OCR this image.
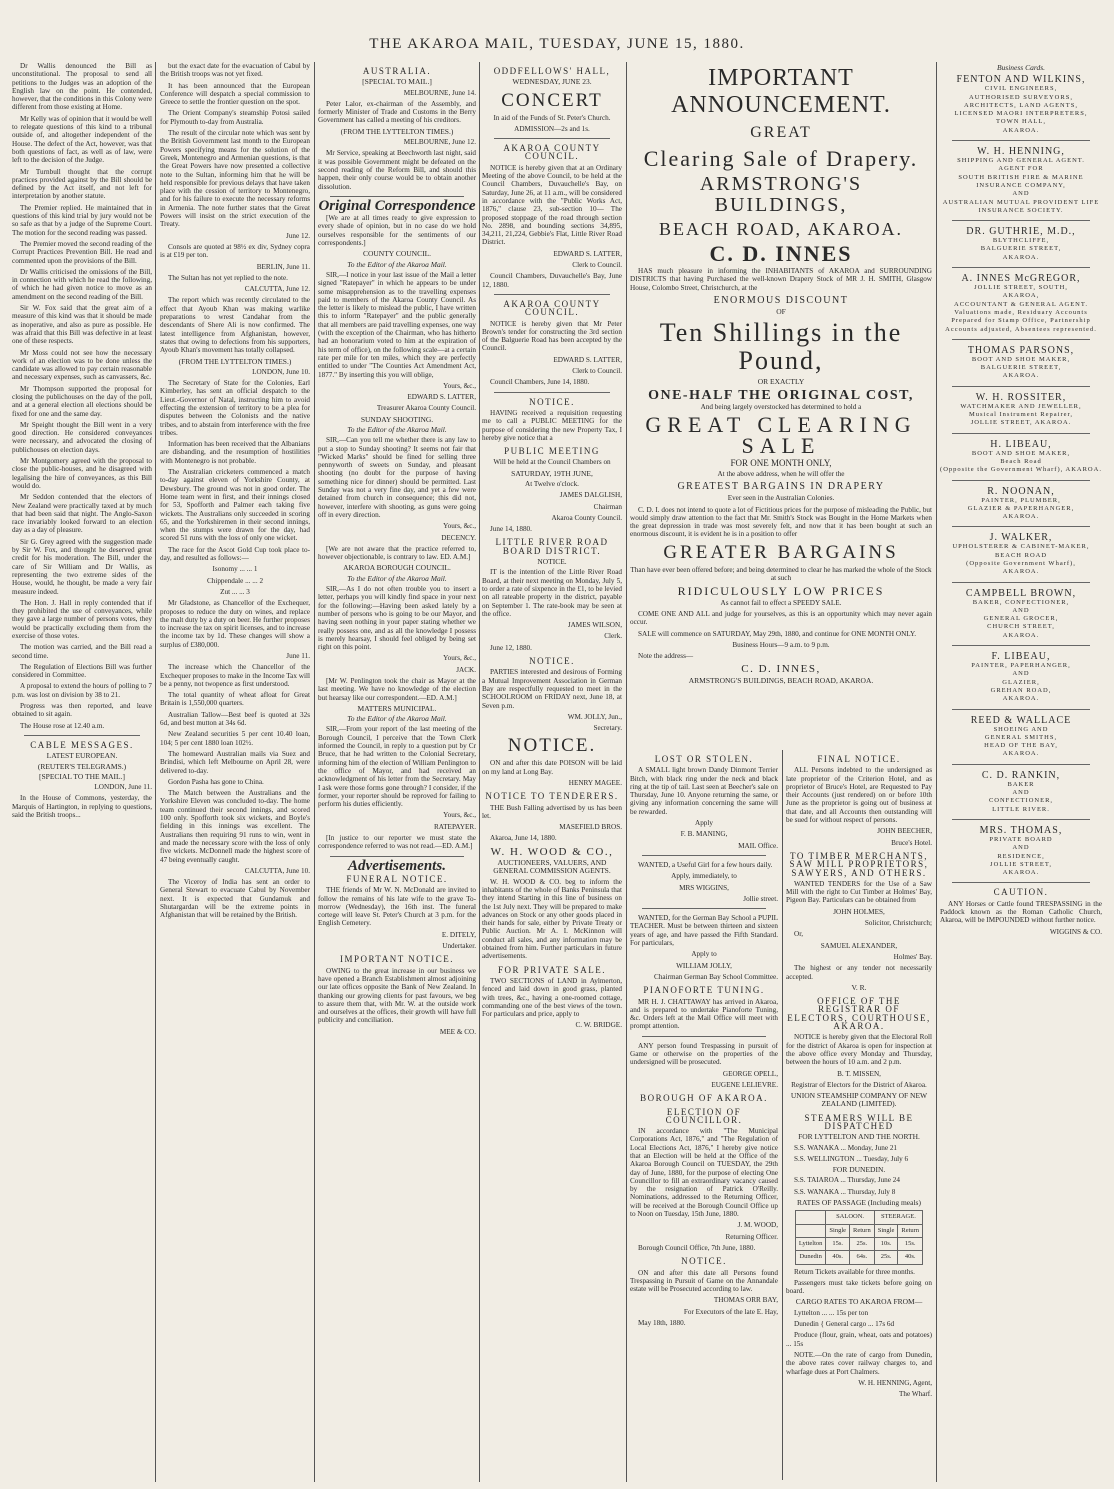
THE AKAROA MAIL, TUESDAY, JUNE 15, 1880.

Dr Wallis denounced the Bill as unconstitutional. The proposal to send all petitions to the Judges was an adoption of the English law on the point. He contended, however, that the conditions in this Colony were different from those existing at Home.

Mr Kelly was of opinion that it would be well to relegate questions of this kind to a tribunal outside of, and altogether independent of the House. The defect of the Act, however, was that both questions of fact, as well as of law, were left to the decision of the Judge.

Mr Turnbull thought that the corrupt practices provided against by the Bill should be defined by the Act itself, and not left for interpretation by another statute.

The Premier replied. He maintained that in questions of this kind trial by jury would not be so safe as that by a judge of the Supreme Court. The motion for the second reading was passed.

The Premier moved the second reading of the Corrupt Practices Prevention Bill. He read and commented upon the provisions of the Bill.

Dr Wallis criticised the omissions of the Bill, in connection with which he read the following, of which he had given notice to move as an amendment on the second reading of the Bill.

Sir W. Fox said that the great aim of a measure of this kind was that it should be made as inoperative, and also as pure as possible. He was afraid that this Bill was defective in at least one of these respects.

Mr Moss could not see how the necessary work of an election was to be done unless the candidate was allowed to pay certain reasonable and necessary expenses, such as canvassers, &c.

Mr Thompson supported the proposal for closing the publichouses on the day of the poll, and at a general election all elections should be fixed for one and the same day.

Mr Speight thought the Bill went in a very good direction. He considered conveyances were necessary, and advocated the closing of publichouses on election days.

Mr Montgomery agreed with the proposal to close the public-houses, and he disagreed with legalising the hire of conveyances, as this Bill would do.

Mr Seddon contended that the electors of New Zealand were practically taxed at by much that had been said that night. The Anglo-Saxon race invariably looked forward to an election day as a day of pleasure.

Sir G. Grey agreed with the suggestion made by Sir W. Fox, and thought he deserved great credit for his moderation. The Bill, under the care of Sir William and Dr Wallis, as representing the two extreme sides of the House, would, he thought, be made a very fair measure indeed.

The Hon. J. Hall in reply contended that if they prohibited the use of conveyances, while they gave a large number of persons votes, they would be practically excluding them from the exercise of those votes.

The motion was carried, and the Bill read a second time.

The Regulation of Elections Bill was further considered in Committee.

A proposal to extend the hours of polling to 7 p.m. was lost on division by 38 to 21.

Progress was then reported, and leave obtained to sit again.

The House rose at 12.40 a.m.

CABLE MESSAGES.
LATEST EUROPEAN.
(REUTER'S TELEGRAMS.)
[SPECIAL TO THE MAIL.]

LONDON, June 11.

In the House of Commons, yesterday, the Marquis of Hartington, in replying to questions, said the British troops...

but the exact date for the evacuation of Cabul by the British troops was not yet fixed.

It has been announced that the European Conference will despatch a special commission to Greece to settle the frontier question on the spot.

The Orient Company's steamship Potosi sailed for Plymouth to-day from Australia.

The result of the circular note which was sent by the British Government last month to the European Powers specifying means for the solution of the Greek, Montenegro and Armenian questions, is that the Great Powers have now presented a collective note to the Sultan, informing him that he will be held responsible for previous delays that have taken place with the cession of territory to Montenegro, and for his failure to execute the necessary reforms in Armenia. The note further states that the Great Powers will insist on the strict execution of the Treaty.

June 12.

Consols are quoted at 98½ ex div, Sydney copra is at £19 per ton.

BERLIN, June 11.

The Sultan has not yet replied to the note.

CALCUTTA, June 12.

The report which was recently circulated to the effect that Ayoub Khan was making warlike preparations to wrest Candahar from the descendants of Shere Ali is now confirmed. The latest intelligence from Afghanistan, however, states that owing to defections from his supporters, Ayoub Khan's movement has totally collapsed.

(FROM THE LYTTELTON TIMES.)

LONDON, June 10.

The Secretary of State for the Colonies, Earl Kimberley, has sent an official despatch to the Lieut.-Governor of Natal, instructing him to avoid effecting the extension of territory to be a plea for disputes between the Colonists and the native tribes, and to abstain from interference with the free tribes.

Information has been received that the Albanians are disbanding, and the resumption of hostilities with Montenegro is not probable.

The Australian cricketers commenced a match to-day against eleven of Yorkshire County, at Dewsbury. The ground was not in good order. The Home team went in first, and their innings closed for 53, Spofforth and Palmer each taking five wickets. The Australians only succeeded in scoring 65, and the Yorkshiremen in their second innings, when the stumps were drawn for the day, had scored 51 runs with the loss of only one wicket.

The race for the Ascot Gold Cup took place to-day, and resulted as follows:—

Isonomy ... ... 1

Chippendale ... ... 2

Zut ... ... 3

Mr Gladstone, as Chancellor of the Exchequer, proposes to reduce the duty on wines, and replace the malt duty by a duty on beer. He further proposes to increase the tax on spirit licenses, and to increase the income tax by 1d. These changes will show a surplus of £380,000.

June 11.

The increase which the Chancellor of the Exchequer proposes to make in the Income Tax will be a penny, not twopence as first understood.

The total quantity of wheat afloat for Great Britain is 1,550,000 quarters.

Australian Tallow—Best beef is quoted at 32s 6d, and best mutton at 34s 6d.

New Zealand securities 5 per cent 10.40 loan, 104; 5 per cent 1880 loan 102½.

The homeward Australian mails via Suez and Brindisi, which left Melbourne on April 28, were delivered to-day.

Gordon Pasha has gone to China.

The Match between the Australians and the Yorkshire Eleven was concluded to-day. The home team continued their second innings, and scored 100 only. Spofforth took six wickets, and Boyle's fielding in this innings was excellent. The Australians then requiring 91 runs to win, went in and made the necessary score with the loss of only five wickets. McDonnell made the highest score of 47 being eventually caught.

CALCUTTA, June 10.

The Viceroy of India has sent an order to General Stewart to evacuate Cabul by November next. It is expected that Gundamuk and Shutargardan will be the extreme points in Afghanistan that will be retained by the British.

AUSTRALIA.
[SPECIAL TO MAIL.]

MELBOURNE, June 14.

Peter Lalor, ex-chairman of the Assembly, and formerly Minister of Trade and Customs in the Berry Government has called a meeting of his creditors.

(FROM THE LYTTELTON TIMES.)

MELBOURNE, June 12.

Mr Service, speaking at Beechworth last night, said it was possible Government might be defeated on the second reading of the Reform Bill, and should this happen, their only course would be to obtain another dissolution.

Original Correspondence

[We are at all times ready to give expression to every shade of opinion, but in no case do we hold ourselves responsible for the sentiments of our correspondents.]

COUNTY COUNCIL.
To the Editor of the Akaroa Mail.

SIR,—I notice in your last issue of the Mail a letter signed "Ratepayer" in which he appears to be under some misapprehension as to the travelling expenses paid to members of the Akaroa County Council. As the letter is likely to mislead the public, I have written this to inform "Ratepayer" and the public generally that all members are paid travelling expenses, one way (with the exception of the Chairman, who has hitherto had an honorarium voted to him at the expiration of his term of office), on the following scale—at a certain rate per mile for ten miles, which they are perfectly entitled to under "The Counties Act Amendment Act, 1877." By inserting this you will oblige,

Yours, &c.,

EDWARD S. LATTER,

Treasurer Akaroa County Council.

SUNDAY SHOOTING.
To the Editor of the Akaroa Mail.

SIR,—Can you tell me whether there is any law to put a stop to Sunday shooting? It seems not fair that "Wicked Marks" should be fined for selling three pennyworth of sweets on Sunday, and pleasant shooting (no doubt for the purpose of having something nice for dinner) should be permitted. Last Sunday was not a very fine day, and yet a few were detained from church in consequence; this did not, however, interfere with shooting, as guns were going off in every direction.

Yours, &c.,

DECENCY.

[We are not aware that the practice referred to, however objectionable, is contrary to law. ED. A.M.]

AKAROA BOROUGH COUNCIL.
To the Editor of the Akaroa Mail.

SIR,—As I do not often trouble you to insert a letter, perhaps you will kindly find space in your next for the following:—Having been asked lately by a number of persons who is going to be our Mayor, and having seen nothing in your paper stating whether we really possess one, and as all the knowledge I possess is merely hearsay, I should feel obliged by being set right on this point.

Yours, &c.,

JACK.

[Mr W. Penlington took the chair as Mayor at the last meeting. We have no knowledge of the election but hearsay like our correspondent.—ED. A.M.]

MATTERS MUNICIPAL.
To the Editor of the Akaroa Mail.

SIR,—From your report of the last meeting of the Borough Council, I perceive that the Town Clerk informed the Council, in reply to a question put by Cr Bruce, that he had written to the Colonial Secretary, informing him of the election of William Penlington to the office of Mayor, and had received an acknowledgment of his letter from the Secretary. May I ask were those forms gone through? I consider, if the former, your reporter should be reproved for failing to perform his duties efficiently.

Yours, &c.,

RATEPAYER.

[In justice to our reporter we must state the correspondence referred to was not read.—ED. A.M.]

Advertisements.
FUNERAL NOTICE.

THE friends of Mr W. N. McDonald are invited to follow the remains of his late wife to the grave To-morrow (Wednesday), the 16th inst. The funeral cortege will leave St. Peter's Church at 3 p.m. for the English Cemetery.

E. DITELY,

Undertaker.

IMPORTANT NOTICE.

OWING to the great increase in our business we have opened a Branch Establishment almost adjoining our late offices opposite the Bank of New Zealand. In thanking our growing clients for past favours, we beg to assure them that, with Mr. W. at the outside work and ourselves at the offices, their growth will have full publicity and conciliation.

MEE & CO.

ODDFELLOWS' HALL,
WEDNESDAY, JUNE 23.
CONCERT

In aid of the Funds of St. Peter's Church.

ADMISSION—2s and 1s.

AKAROA COUNTY COUNCIL.

NOTICE is hereby given that at an Ordinary Meeting of the above Council, to be held at the Council Chambers, Duvauchelle's Bay, on Saturday, June 26, at 11 a.m., will be considered in accordance with the "Public Works Act, 1876," clause 23, sub-section 10— The proposed stoppage of the road through section No. 2898, and bounding sections 34,895, 34,211, 21,224, Gebbie's Flat, Little River Road District.

EDWARD S. LATTER,

Clerk to Council.

Council Chambers, Duvauchelle's Bay, June 12, 1880.

AKAROA COUNTY COUNCIL.

NOTICE is hereby given that Mr Peter Brown's tender for constructing the 3rd section of the Balguerie Road has been accepted by the Council.

EDWARD S. LATTER,

Clerk to Council.

Council Chambers, June 14, 1880.

NOTICE.

HAVING received a requisition requesting me to call a PUBLIC MEETING for the purpose of considering the new Property Tax, I hereby give notice that a

PUBLIC MEETING

Will be held at the Council Chambers on

SATURDAY, 19TH JUNE,

At Twelve o'clock.

JAMES DALGLISH,

Chairman

Akaroa County Council.

June 14, 1880.

LITTLE RIVER ROAD BOARD DISTRICT.
NOTICE.

IT is the intention of the Little River Road Board, at their next meeting on Monday, July 5, to order a rate of sixpence in the £1, to be levied on all rateable property in the district, payable on September 1. The rate-book may be seen at the office.

JAMES WILSON,

Clerk.

June 12, 1880.

NOTICE.

PARTIES interested and desirous of Forming a Mutual Improvement Association in German Bay are respectfully requested to meet in the SCHOOLROOM on FRIDAY next, June 18, at Seven p.m.

WM. JOLLY, Jun.,

Secretary.

NOTICE.

ON and after this date POISON will be laid on my land at Long Bay.

HENRY MAGEE.

NOTICE TO TENDERERS.

THE Bush Falling advertised by us has been let.

MASEFIELD BROS.

Akaroa, June 14, 1880.

W. H. WOOD & CO.,
AUCTIONEERS, VALUERS, AND GENERAL COMMISSION AGENTS.

W. H. WOOD & CO. beg to inform the inhabitants of the whole of Banks Peninsula that they intend Starting in this line of business on the 1st July next. They will be prepared to make advances on Stock or any other goods placed in their hands for sale, either by Private Treaty or Public Auction. Mr A. I. McKinnon will conduct all sales, and any information may be obtained from him. Further particulars in future advertisements.

FOR PRIVATE SALE.

TWO SECTIONS of LAND in Aylmerton, fenced and laid down in good grass, planted with trees, &c., having a one-roomed cottage, commanding one of the best views of the town. For particulars and price, apply to

C. W. BRIDGE.

IMPORTANT ANNOUNCEMENT.
GREAT
Clearing Sale of Drapery.
ARMSTRONG'S BUILDINGS,
BEACH ROAD, AKAROA.
C. D. INNES

HAS much pleasure in informing the INHABITANTS of AKAROA and SURROUNDING DISTRICTS that having Purchased the well-known Drapery Stock of MR J. H. SMITH, Glasgow House, Colombo Street, Christchurch, at the

ENORMOUS DISCOUNT
OF
Ten Shillings in the Pound,
OR EXACTLY
ONE-HALF THE ORIGINAL COST,

And being largely overstocked has determined to hold a

GREAT CLEARING SALE
FOR ONE MONTH ONLY,

At the above address, when he will offer the

GREATEST BARGAINS IN DRAPERY

Ever seen in the Australian Colonies.

C. D. I. does not intend to quote a lot of Fictitious prices for the purpose of misleading the Public, but would simply draw attention to the fact that Mr. Smith's Stock was Bought in the Home Markets when the great depression in trade was most severely felt, and now that it has been bought at such an enormous discount, it is evident he is in a position to offer

GREATER BARGAINS

Than have ever been offered before; and being determined to clear he has marked the whole of the Stock at such

RIDICULOUSLY LOW PRICES

As cannot fail to effect a SPEEDY SALE.

COME ONE AND ALL and judge for yourselves, as this is an opportunity which may never again occur.

SALE will commence on SATURDAY, May 29th, 1880, and continue for ONE MONTH ONLY.

Business Hours—9 a.m. to 9 p.m.

Note the address—

C. D. INNES,
ARMSTRONG'S BUILDINGS, BEACH ROAD, AKAROA.
LOST OR STOLEN.

A SMALL light brown Dandy Dinmont Terrier Bitch, with black ring under the neck and black ring at the tip of tail. Last seen at Beecher's sale on Thursday, June 10. Anyone returning the same, or giving any information concerning the same will be rewarded.

Apply

F. B. MANING,

MAIL Office.

WANTED, a Useful Girl for a few hours daily.

Apply, immediately, to

MRS WIGGINS,

Jollie street.

WANTED, for the German Bay School a PUPIL TEACHER. Must be between thirteen and sixteen years of age, and have passed the Fifth Standard. For particulars,

Apply to

WILLIAM JOLLY,

Chairman German Bay School Committee.

PIANOFORTE TUNING.

MR H. J. CHATTAWAY has arrived in Akaroa, and is prepared to undertake Pianoforte Tuning, &c. Orders left at the Mail Office will meet with prompt attention.

ANY person found Trespassing in pursuit of Game or otherwise on the properties of the undersigned will be prosecuted.

GEORGE OPELL,

EUGENE LELIEVRE.

BOROUGH OF AKAROA.
ELECTION OF COUNCILLOR.

IN accordance with "The Municipal Corporations Act, 1876," and "The Regulation of Local Elections Act, 1876," I hereby give notice that an Election will be held at the Office of the Akaroa Borough Council on TUESDAY, the 29th day of June, 1880, for the purpose of electing One Councillor to fill an extraordinary vacancy caused by the resignation of Patrick O'Reilly. Nominations, addressed to the Returning Officer, will be received at the Borough Council Office up to Noon on Tuesday, 15th June, 1880.

J. M. WOOD,

Returning Officer.

Borough Council Office, 7th June, 1880.

NOTICE.

ON and after this date all Persons found Trespassing in Pursuit of Game on the Annandale estate will be Prosecuted according to law.

THOMAS ORR BAY,

For Executors of the late E. Hay,

May 18th, 1880.

FINAL NOTICE.

ALL Persons indebted to the undersigned as late proprietor of the Criterion Hotel, and as proprietor of Bruce's Hotel, are Requested to Pay their Accounts (just rendered) on or before 10th June as the proprietor is going out of business at that date, and all Accounts then outstanding will be sued for without respect of persons.

JOHN BEECHER,

Bruce's Hotel.

TO TIMBER MERCHANTS, SAW MILL PROPRIETORS, SAWYERS, AND OTHERS.

WANTED TENDERS for the Use of a Saw Mill with the right to Cut Timber at Holmes' Bay, Pigeon Bay. Particulars can be obtained from

JOHN HOLMES,

Solicitor, Christchurch;

Or,

SAMUEL ALEXANDER,

Holmes' Bay.

The highest or any tender not necessarily accepted.

V. R.
OFFICE OF THE REGISTRAR OF ELECTORS, COURTHOUSE, AKAROA.

NOTICE is hereby given that the Electoral Roll for the district of Akaroa is open for inspection at the above office every Monday and Thursday, between the hours of 10 a.m. and 2 p.m.

B. T. MISSEN,

Registrar of Electors for the District of Akaroa.

UNION STEAMSHIP COMPANY OF NEW ZEALAND (LIMITED).
STEAMERS WILL BE DISPATCHED
FOR LYTTELTON AND THE NORTH.

S.S. WANAKA ... Monday, June 21

S.S. WELLINGTON ... Tuesday, July 6

FOR DUNEDIN.

S.S. TAIAROA ... Thursday, June 24

S.S. WANAKA ... Thursday, July 8

RATES OF PASSAGE (Including meals)
	SALOON.		STEERAGE.	
	Single	Return	Single	Return
Lyttelton	15s.	25s.	10s.	15s.
Dunedin	40s.	64s.	25s.	40s.

Return Tickets available for three months.

Passengers must take tickets before going on board.

CARGO RATES TO AKAROA FROM—

Lyttelton ... ... 15s per ton

Dunedin { General cargo ... 17s 6d

Produce (flour, grain, wheat, oats and potatoes) ... 15s

NOTE.—On the rate of cargo from Dunedin, the above rates cover railway charges to, and wharfage dues at Port Chalmers.

W. H. HENNING, Agent,

The Wharf.

Business Cards.
FENTON AND WILKINS,
CIVIL ENGINEERS,
AUTHORISED SURVEYORS,
ARCHITECTS, LAND AGENTS,
LICENSED MAORI INTERPRETERS,
TOWN HALL,
AKAROA.
W. H. HENNING,
SHIPPING AND GENERAL AGENT.
AGENT FOR
SOUTH BRITISH FIRE & MARINE INSURANCE COMPANY,
AND
AUSTRALIAN MUTUAL PROVIDENT LIFE INSURANCE SOCIETY.
DR. GUTHRIE, M.D.,
BLYTHCLIFFE,
BALGUERIE STREET,
AKAROA.
A. INNES McGREGOR,
JOLLIE STREET, SOUTH,
AKAROA,
ACCOUNTANT & GENERAL AGENT.
Valuations made, Residuary Accounts Prepared for Stamp Office, Partnership Accounts adjusted, Absentees represented.
THOMAS PARSONS,
BOOT AND SHOE MAKER,
BALGUERIE STREET,
AKAROA.
W. H. ROSSITER,
WATCHMAKER AND JEWELLER,
Musical Instrument Repairer,
JOLLIE STREET, AKAROA.
H. LIBEAU,
BOOT AND SHOE MAKER,
Beach Road
(Opposite the Government Wharf), AKAROA.
R. NOONAN,
PAINTER, PLUMBER,
GLAZIER & PAPERHANGER,
AKAROA.
J. WALKER,
UPHOLSTERER & CABINET-MAKER,
BEACH ROAD
(Opposite Government Wharf),
AKAROA.
CAMPBELL BROWN,
BAKER, CONFECTIONER,
AND
GENERAL GROCER,
CHURCH STREET,
AKAROA.
F. LIBEAU,
PAINTER, PAPERHANGER,
AND
GLAZIER,
GREHAN ROAD,
AKAROA.
REED & WALLACE
SHOEING AND
GENERAL SMITHS,
HEAD OF THE BAY,
AKAROA.
C. D. RANKIN,
BAKER
AND
CONFECTIONER,
LITTLE RIVER.
MRS. THOMAS,
PRIVATE BOARD
AND
RESIDENCE,
JOLLIE STREET,
AKAROA.
CAUTION.

ANY Horses or Cattle found TRESPASSING in the Paddock known as the Roman Catholic Church, Akaroa, will be IMPOUNDED without further notice.

WIGGINS & CO.
